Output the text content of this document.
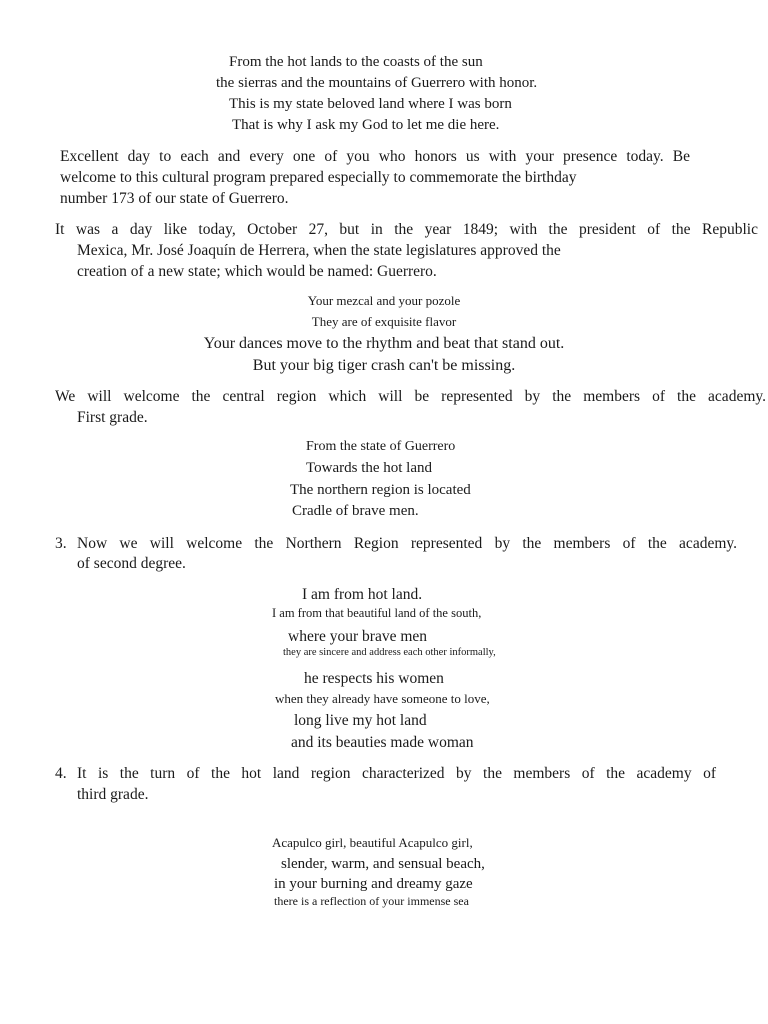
From the hot lands to the coasts of the sun
the sierras and the mountains of Guerrero with honor.
This is my state beloved land where I was born
That is why I ask my God to let me die here.
Excellent day to each and every one of you who honors us with your presence today. Be
welcome to this cultural program prepared especially to commemorate the birthday
number 173 of our state of Guerrero.
It was a day like today, October 27, but in the year 1849; with the president of the Republic
Mexica, Mr. José Joaquín de Herrera, when the state legislatures approved the
creation of a new state; which would be named: Guerrero.
Your mezcal and your pozole
They are of exquisite flavor
Your dances move to the rhythm and beat that stand out.
But your big tiger crash can't be missing.
We will welcome the central region which will be represented by the members of the academy.
First grade.
From the state of Guerrero
Towards the hot land
The northern region is located
Cradle of brave men.
3. Now we will welcome the Northern Region represented by the members of the academy.
of second degree.
I am from hot land.
I am from that beautiful land of the south,
where your brave men
they are sincere and address each other informally,
he respects his women
when they already have someone to love,
long live my hot land
and its beauties made woman
4. It is the turn of the hot land region characterized by the members of the academy of
third grade.
Acapulco girl, beautiful Acapulco girl,
slender, warm, and sensual beach,
in your burning and dreamy gaze
there is a reflection of your immense sea
